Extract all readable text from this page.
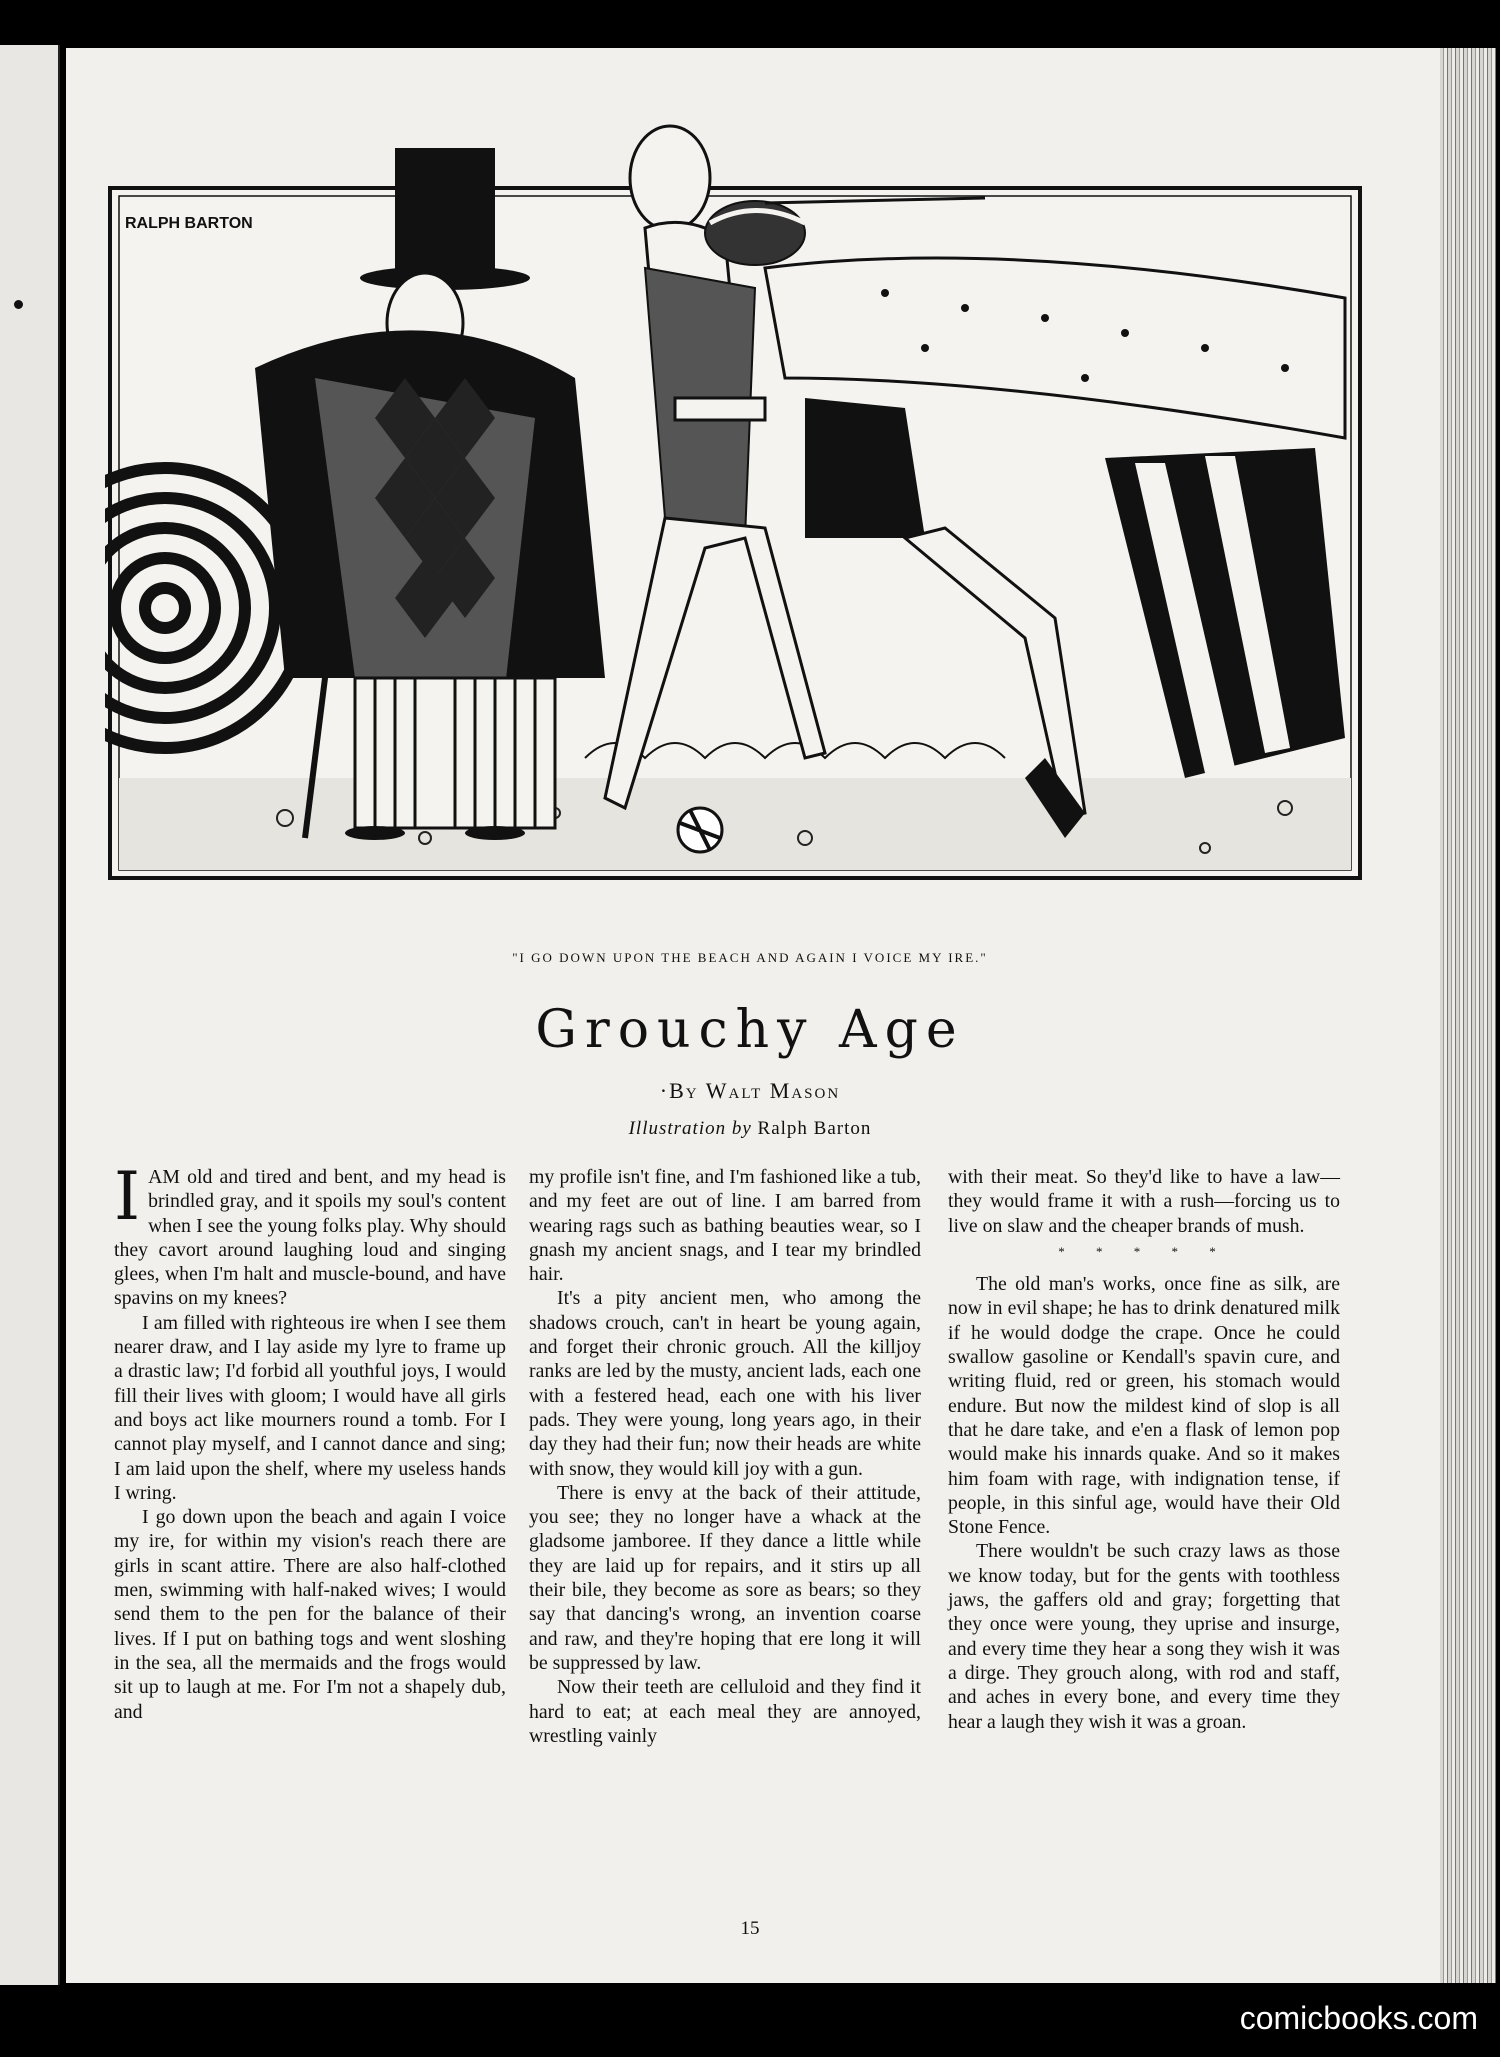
RALPH BARTON
"I GO DOWN UPON THE BEACH AND AGAIN I VOICE MY IRE."
Grouchy Age
·By Walt Mason
Illustration by Ralph Barton

IAM old and tired and bent, and my head is brindled gray, and it spoils my soul's content when I see the young folks play. Why should they cavort around laughing loud and singing glees, when I'm halt and muscle-bound, and have spavins on my knees?

I am filled with righteous ire when I see them nearer draw, and I lay aside my lyre to frame up a drastic law; I'd forbid all youthful joys, I would fill their lives with gloom; I would have all girls and boys act like mourners round a tomb. For I cannot play myself, and I cannot dance and sing; I am laid upon the shelf, where my useless hands I wring.

I go down upon the beach and again I voice my ire, for within my vision's reach there are girls in scant attire. There are also half-clothed men, swimming with half-naked wives; I would send them to the pen for the balance of their lives. If I put on bathing togs and went sloshing in the sea, all the mermaids and the frogs would sit up to laugh at me. For I'm not a shapely dub, and

my profile isn't fine, and I'm fashioned like a tub, and my feet are out of line. I am barred from wearing rags such as bathing beauties wear, so I gnash my ancient snags, and I tear my brindled hair.

It's a pity ancient men, who among the shadows crouch, can't in heart be young again, and forget their chronic grouch. All the killjoy ranks are led by the musty, ancient lads, each one with a festered head, each one with his liver pads. They were young, long years ago, in their day they had their fun; now their heads are white with snow, they would kill joy with a gun.

There is envy at the back of their attitude, you see; they no longer have a whack at the gladsome jamboree. If they dance a little while they are laid up for repairs, and it stirs up all their bile, they become as sore as bears; so they say that dancing's wrong, an invention coarse and raw, and they're hoping that ere long it will be suppressed by law.

Now their teeth are celluloid and they find it hard to eat; at each meal they are annoyed, wrestling vainly

with their meat. So they'd like to have a law—they would frame it with a rush—forcing us to live on slaw and the cheaper brands of mush.

* * * * *

The old man's works, once fine as silk, are now in evil shape; he has to drink denatured milk if he would dodge the crape. Once he could swallow gasoline or Kendall's spavin cure, and writing fluid, red or green, his stomach would endure. But now the mildest kind of slop is all that he dare take, and e'en a flask of lemon pop would make his innards quake. And so it makes him foam with rage, with indignation tense, if people, in this sinful age, would have their Old Stone Fence.

There wouldn't be such crazy laws as those we know today, but for the gents with toothless jaws, the gaffers old and gray; forgetting that they once were young, they uprise and insurge, and every time they hear a song they wish it was a dirge. They grouch along, with rod and staff, and aches in every bone, and every time they hear a laugh they wish it was a groan.

15
comicbooks.com
